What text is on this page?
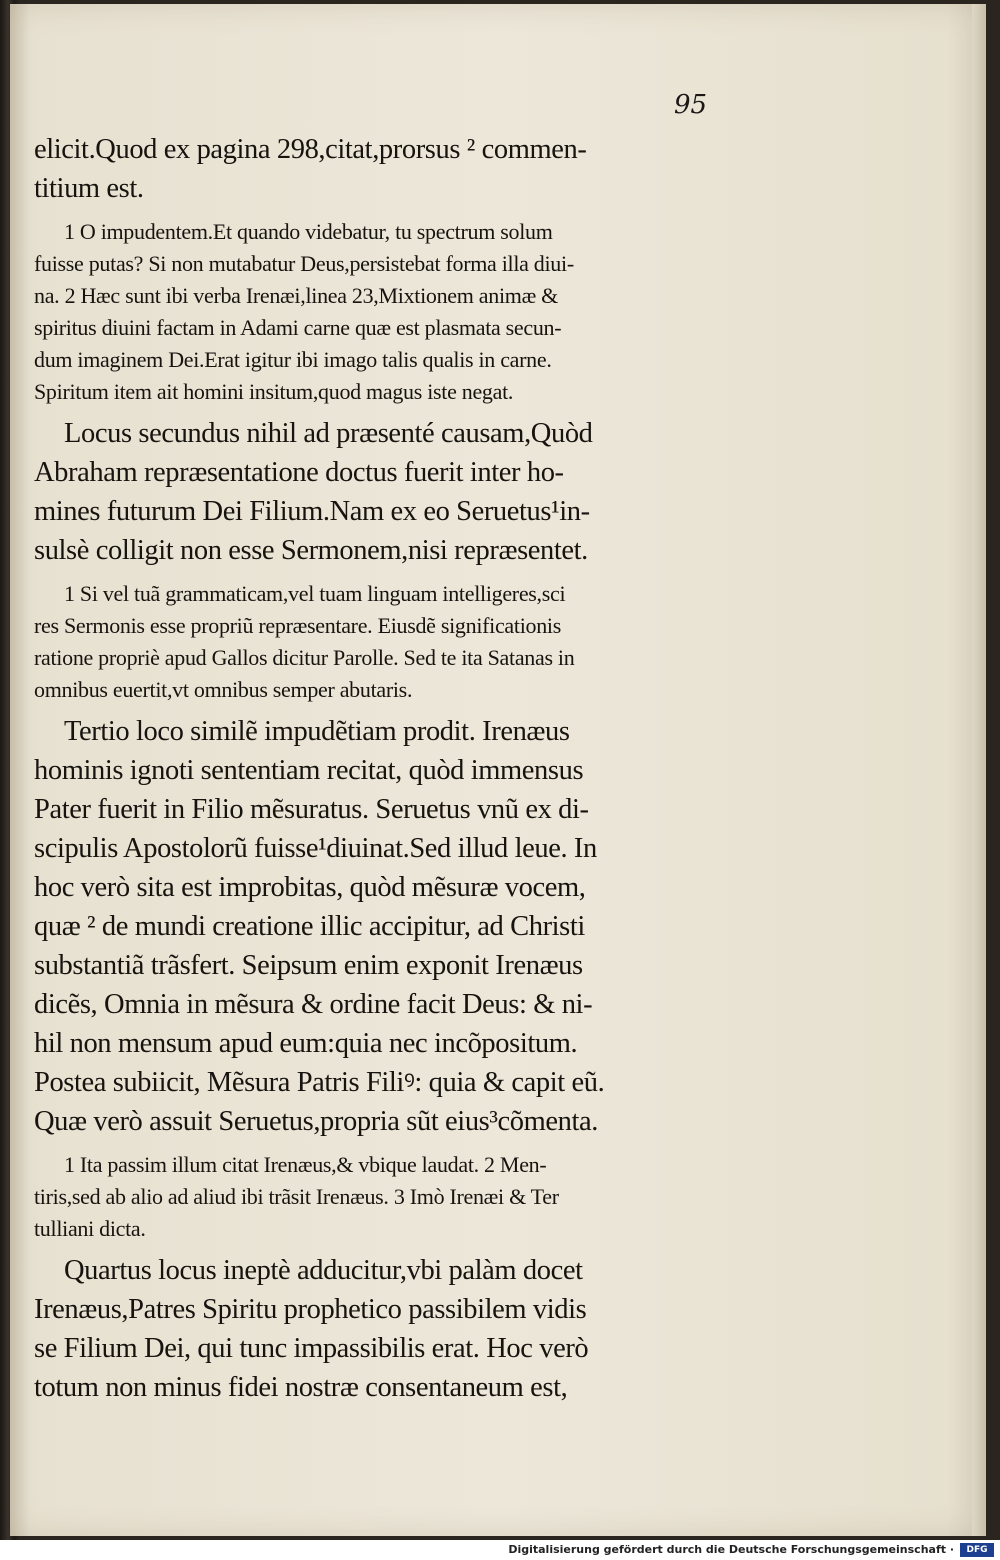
95

elicit.Quod ex pagina 298,citat,prorsus ² commen-

titium est.

1 O impudentem.Et quando videbatur, tu spectrum solum

fuisse putas? Si non mutabatur Deus,persistebat forma illa diui-

na. 2 Hæc sunt ibi verba Irenæi,linea 23,Mixtionem animæ &

spiritus diuini factam in Adami carne quæ est plasmata secun-

dum imaginem Dei.Erat igitur ibi imago talis qualis in carne.

Spiritum item ait homini insitum,quod magus iste negat.

Locus secundus nihil ad præsenté causam,Quòd

Abraham repræsentatione doctus fuerit inter ho-

mines futurum Dei Filium.Nam ex eo Seruetus¹in-

sulsè colligit non esse Sermonem,nisi repræsentet.

1 Si vel tuã grammaticam,vel tuam linguam intelligeres,sci

res Sermonis esse propriũ repræsentare. Eiusdẽ significationis

ratione propriè apud Gallos dicitur Parolle. Sed te ita Satanas in

omnibus euertit,vt omnibus semper abutaris.

Tertio loco similẽ impudẽtiam prodit. Irenæus

hominis ignoti sententiam recitat, quòd immensus

Pater fuerit in Filio mẽsuratus. Seruetus vnũ ex di-

scipulis Apostolorũ fuisse¹diuinat.Sed illud leue. In

hoc verò sita est improbitas, quòd mẽsuræ vocem,

quæ ² de mundi creatione illic accipitur, ad Christi

substantiã trãsfert. Seipsum enim exponit Irenæus

dicẽs, Omnia in mẽsura & ordine facit Deus: & ni-

hil non mensum apud eum:quia nec incõpositum.

Postea subiicit, Mẽsura Patris Filiꝰ: quia & capit eũ.

Quæ verò assuit Seruetus,propria sũt eius³cõmenta.

1 Ita passim illum citat Irenæus,& vbique laudat. 2 Men-

tiris,sed ab alio ad aliud ibi trãsit Irenæus. 3 Imò Irenæi & Ter

tulliani dicta.

Quartus locus ineptè adducitur,vbi palàm docet

Irenæus,Patres Spiritu prophetico passibilem vidis

se Filium Dei, qui tunc impassibilis erat. Hoc verò

totum non minus fidei nostræ consentaneum est,

Digitalisierung gefördert durch die Deutsche Forschungsgemeinschaft ·	DFG
